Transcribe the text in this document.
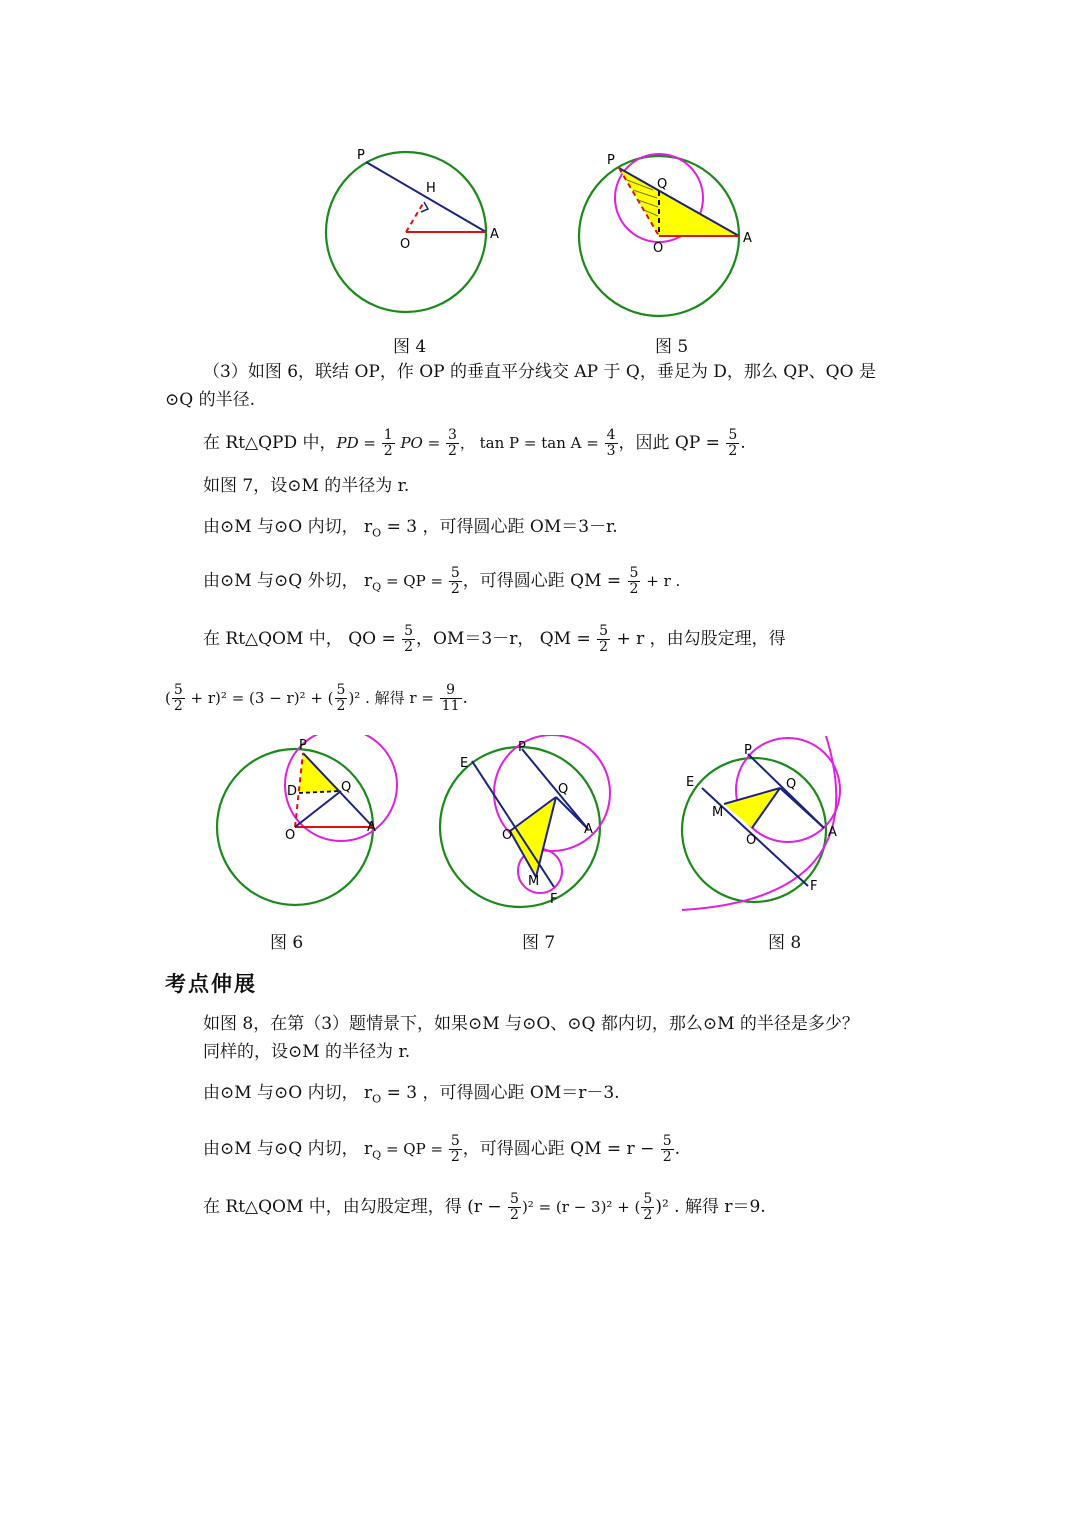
P
H
O
A
图 4
P
Q
O
A
图 5
（3）如图 6，联结 OP，作 OP 的垂直平分线交 AP 于 Q，垂足为 D，那么 QP、QO 是
⊙Q 的半径.
在 Rt△QPD 中，PD = $\frac{1}{2}$ PO = $\frac{3}{2}$ ， $\tan P = \tan A = \frac{4}{3}$ ，因此 QP = $\frac{5}{2}$ .
如图 7，设⊙M 的半径为 r.
由⊙M 与⊙O 内切， $r_O = 3$ ，可得圆心距 OM＝3－r.
由⊙M 与⊙Q 外切， $r_Q$ = QP = $\frac{5}{2}$ ，可得圆心距 QM = $\frac{5}{2} + r$ .
在 Rt△QOM 中， QO = $\frac{5}{2}$ ，OM＝3－r， QM = $\frac{5}{2} + r$ ，由勾股定理，得
( $\frac{5}{2} + r)^2 = (3 - r)^2$ + ( $\frac{5}{2} )^2$ . 解得 $r = \frac{9}{11}$ .
P
D	Q
O
A
图 6
E
P
Q
O	A
M
F
图 7
E
P
Q
M
O
A
F
图 8
考点伸展
如图 8，在第（3）题情景下，如果⊙M 与⊙O、⊙Q 都内切，那么⊙M 的半径是多少？
同样的，设⊙M 的半径为 r.
由⊙M 与⊙O 内切， $r_O = 3$ ，可得圆心距 OM＝r－3.
由⊙M 与⊙Q 内切， $r_Q$ = QP = $\frac{5}{2}$ ，可得圆心距 QM = $r - \frac{5}{2}$ .
在 Rt△QOM 中，由勾股定理，得 $(r - \frac{5}{2} )^2 = (r - 3)^2$ + ( $\frac{5}{2} )^2$ . 解得 r＝9.
